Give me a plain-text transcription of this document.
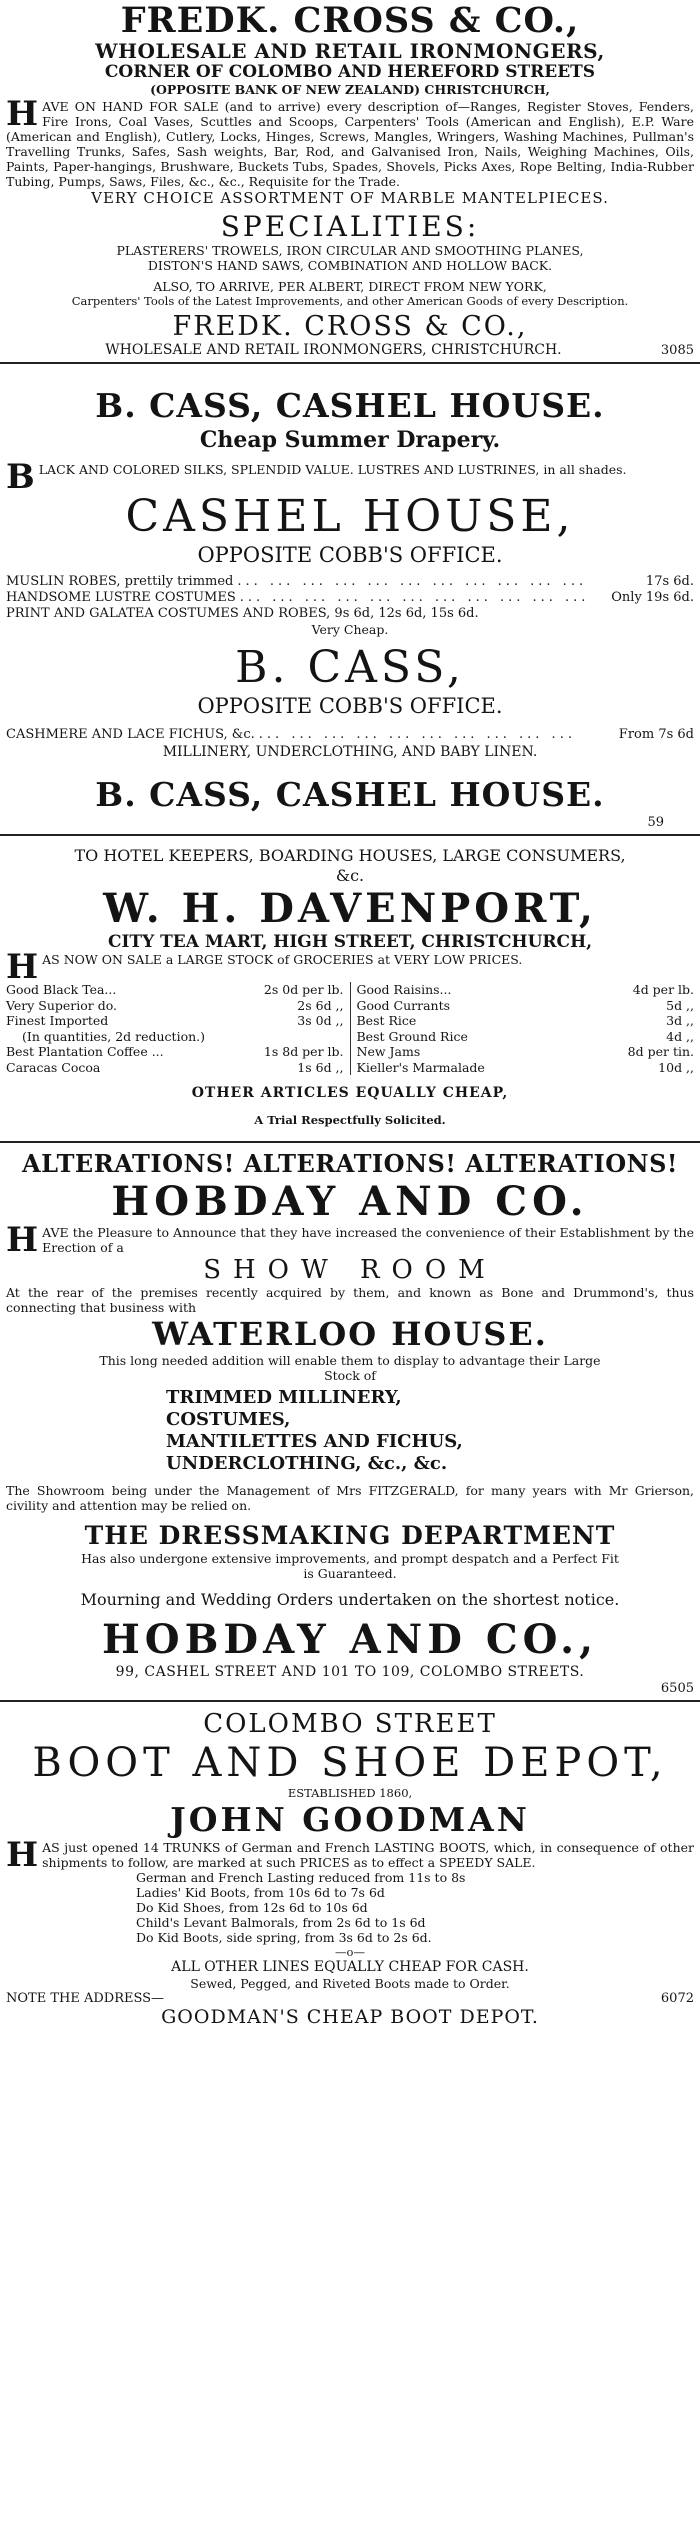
FREDK. CROSS & CO.,
WHOLESALE AND RETAIL IRONMONGERS,
CORNER OF COLOMBO AND HEREFORD STREETS
(OPPOSITE BANK OF NEW ZEALAND) CHRISTCHURCH,
HAVE ON HAND FOR SALE (and to arrive) every description of—Ranges, Register Stoves, Fenders, Fire Irons, Coal Vases, Scuttles and Scoops, Carpenters' Tools (American and English), E.P. Ware (American and English), Cutlery, Locks, Hinges, Screws, Mangles, Wringers, Washing Machines, Pullman's Travelling Trunks, Safes, Sash weights, Bar, Rod, and Galvanised Iron, Nails, Weighing Machines, Oils, Paints, Paper-hangings, Brushware, Buckets Tubs, Spades, Shovels, Picks Axes, Rope Belting, India-Rubber Tubing, Pumps, Saws, Files, &c., &c., Requisite for the Trade.
VERY CHOICE ASSORTMENT OF MARBLE MANTELPIECES.
SPECIALITIES:
PLASTERERS' TROWELS, IRON CIRCULAR AND SMOOTHING PLANES,
DISTON'S HAND SAWS, COMBINATION AND HOLLOW BACK.
ALSO, TO ARRIVE, PER ALBERT, DIRECT FROM NEW YORK,
Carpenters' Tools of the Latest Improvements, and other American Goods of every Description.
FREDK. CROSS & CO.,
WHOLESALE AND RETAIL IRONMONGERS, CHRISTCHURCH.	3085
B. CASS, CASHEL HOUSE.
Cheap Summer Drapery.
BLACK AND COLORED SILKS, SPLENDID VALUE. LUSTRES AND LUSTRINES, in all shades.
CASHEL HOUSE,
OPPOSITE COBB'S OFFICE.
MUSLIN ROBES, prettily trimmed ... ... ... ... ... ... ... ... ... ... ...	17s 6d.
HANDSOME LUSTRE COSTUMES ... ... ... ... ... ... ... ... ... ... ...	Only 19s 6d.
PRINT AND GALATEA COSTUMES AND ROBES, 9s 6d, 12s 6d, 15s 6d.
Very Cheap.
B. CASS,
OPPOSITE COBB'S OFFICE.
CASHMERE AND LACE FICHUS, &c. ... ... ... ... ... ... ... ... ... ...	From 7s 6d
MILLINERY, UNDERCLOTHING, AND BABY LINEN.
B. CASS, CASHEL HOUSE.
59
TO HOTEL KEEPERS, BOARDING HOUSES, LARGE CONSUMERS, &c.
W. H. DAVENPORT,
CITY TEA MART, HIGH STREET, CHRISTCHURCH,
HAS NOW ON SALE a LARGE STOCK of GROCERIES at VERY LOW PRICES.
Good Black Tea...	2s 0d per lb.
Very Superior do.	2s 6d ,,
Finest Imported	3s 0d ,,
(In quantities, 2d reduction.)
Best Plantation Coffee ...	1s 8d per lb.
Caracas Cocoa	1s 6d ,,
Good Raisins...	4d per lb.
Good Currants	5d ,,
Best Rice	3d ,,
Best Ground Rice	4d ,,
New Jams	8d per tin.
Kieller's Marmalade	10d ,,
OTHER ARTICLES EQUALLY CHEAP,
A Trial Respectfully Solicited.
ALTERATIONS! ALTERATIONS! ALTERATIONS!
HOBDAY AND CO.
HAVE the Pleasure to Announce that they have increased the convenience of their Establishment by the Erection of a
SHOW ROOM
At the rear of the premises recently acquired by them, and known as Bone and Drummond's, thus connecting that business with
WATERLOO HOUSE.
This long needed addition will enable them to display to advantage their Large Stock of
TRIMMED MILLINERY,
COSTUMES,
MANTILETTES AND FICHUS,
UNDERCLOTHING, &c., &c.
The Showroom being under the Management of Mrs FITZGERALD, for many years with Mr Grierson, civility and attention may be relied on.
THE DRESSMAKING DEPARTMENT
Has also undergone extensive improvements, and prompt despatch and a Perfect Fit is Guaranteed.
Mourning and Wedding Orders undertaken on the shortest notice.
HOBDAY AND CO.,
99, CASHEL STREET AND 101 TO 109, COLOMBO STREETS.
6505
COLOMBO STREET
BOOT AND SHOE DEPOT,
ESTABLISHED 1860,
JOHN GOODMAN
HAS just opened 14 TRUNKS of German and French LASTING BOOTS, which, in consequence of other shipments to follow, are marked at such PRICES as to effect a SPEEDY SALE.
German and French Lasting reduced from 11s to 8s
Ladies' Kid Boots, from 10s 6d to 7s 6d
Do Kid Shoes, from 12s 6d to 10s 6d
Child's Levant Balmorals, from 2s 6d to 1s 6d
Do Kid Boots, side spring, from 3s 6d to 2s 6d.
—o—
ALL OTHER LINES EQUALLY CHEAP FOR CASH.
Sewed, Pegged, and Riveted Boots made to Order.
NOTE THE ADDRESS—	6072
GOODMAN'S CHEAP BOOT DEPOT.
